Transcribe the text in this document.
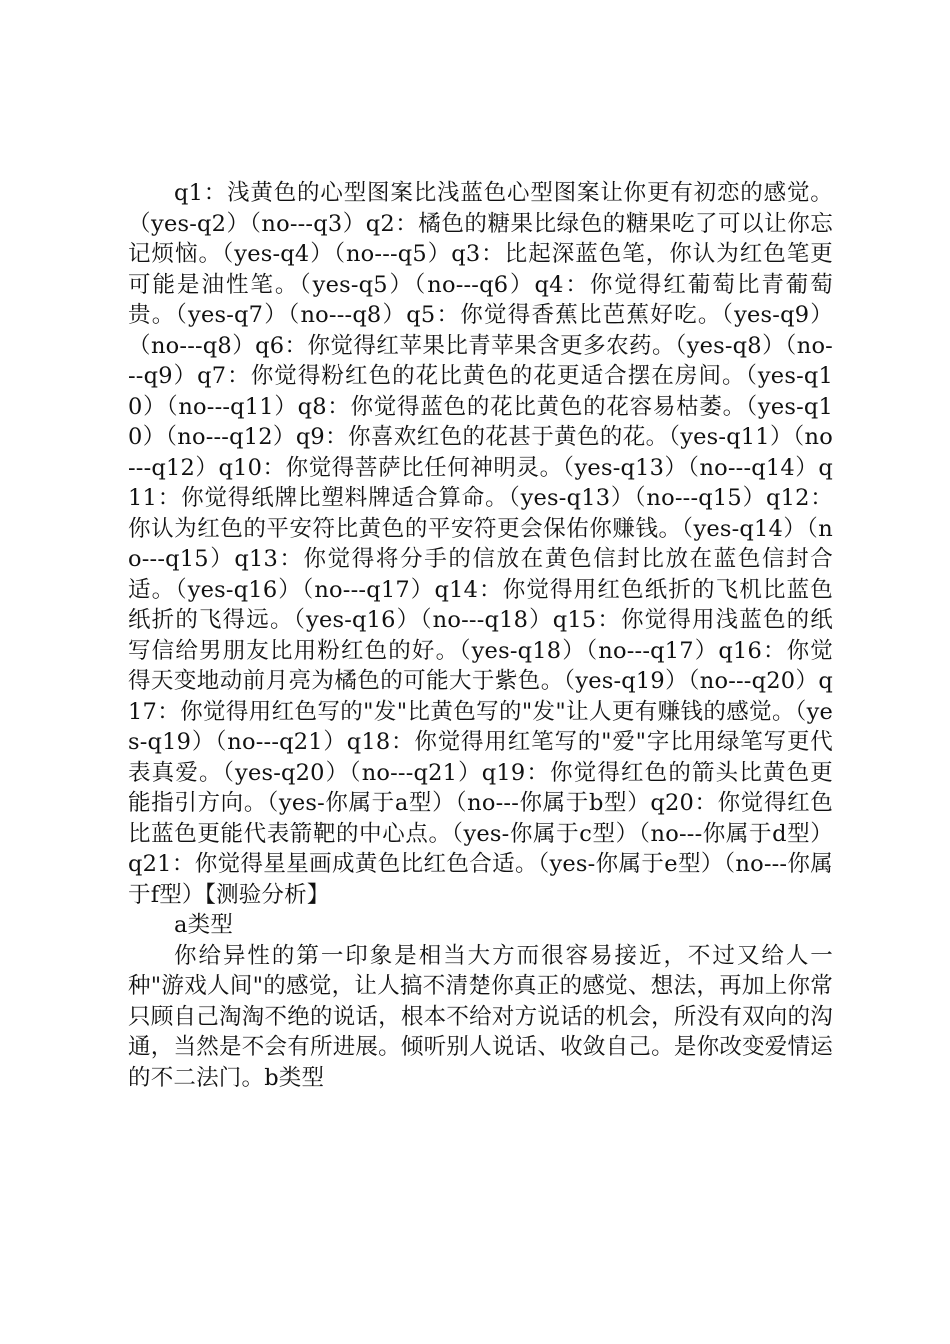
q1：浅黄色的心型图案比浅蓝色心型图案让你更有初恋的感觉。（yes-q2）（no---q3）q2：橘色的糖果比绿色的糖果吃了可以让你忘记烦恼。（yes-q4）（no---q5）q3：比起深蓝色笔，你认为红色笔更可能是油性笔。（yes-q5）（no---q6）q4：你觉得红葡萄比青葡萄贵。（yes-q7）（no---q8）q5：你觉得香蕉比芭蕉好吃。（yes-q9）（no---q8）q6：你觉得红苹果比青苹果含更多农药。（yes-q8）（no---q9）q7：你觉得粉红色的花比黄色的花更适合摆在房间。（yes-q10）（no---q11）q8：你觉得蓝色的花比黄色的花容易枯萎。（yes-q10）（no---q12）q9：你喜欢红色的花甚于黄色的花。（yes-q11）（no---q12）q10：你觉得菩萨比任何神明灵。（yes-q13）（no---q14）q11：你觉得纸牌比塑料牌适合算命。（yes-q13）（no---q15）q12：你认为红色的平安符比黄色的平安符更会保佑你赚钱。（yes-q14）（no---q15）q13：你觉得将分手的信放在黄色信封比放在蓝色信封合适。（yes-q16）（no---q17）q14：你觉得用红色纸折的飞机比蓝色纸折的飞得远。（yes-q16）（no---q18）q15：你觉得用浅蓝色的纸写信给男朋友比用粉红色的好。（yes-q18）（no---q17）q16：你觉得天变地动前月亮为橘色的可能大于紫色。（yes-q19）（no---q20）q17：你觉得用红色写的"发"比黄色写的"发"让人更有赚钱的感觉。（yes-q19）（no---q21）q18：你觉得用红笔写的"爱"字比用绿笔写更代表真爱。（yes-q20）（no---q21）q19：你觉得红色的箭头比黄色更能指引方向。（yes-你属于a型）（no---你属于b型）q20：你觉得红色比蓝色更能代表箭靶的中心点。（yes-你属于c型）（no---你属于d型）q21：你觉得星星画成黄色比红色合适。（yes-你属于e型）（no---你属于f型）【测验分析】

a类型

你给异性的第一印象是相当大方而很容易接近，不过又给人一种"游戏人间"的感觉，让人搞不清楚你真正的感觉、想法，再加上你常只顾自己淘淘不绝的说话，根本不给对方说话的机会，所没有双向的沟通，当然是不会有所进展。倾听别人说话、收敛自己。是你改变爱情运的不二法门。b类型
